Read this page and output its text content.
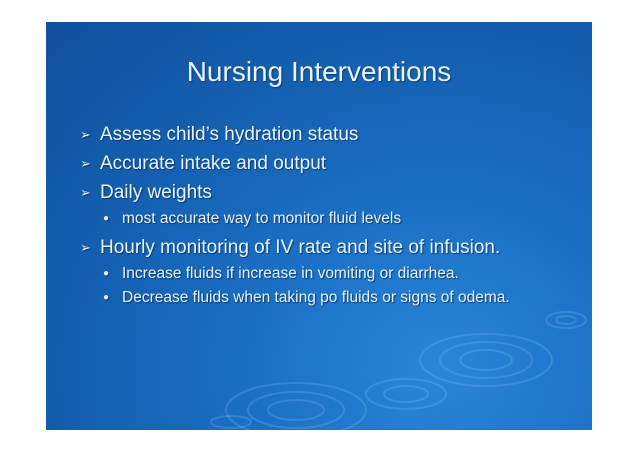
Nursing Interventions
➢ Assess child’s hydration status
➢ Accurate intake and output
➢ Daily weights
● most accurate way to monitor fluid levels
➢ Hourly monitoring of IV rate and site of infusion.
● Increase fluids if increase in vomiting or diarrhea.
● Decrease fluids when taking po fluids or signs of odema.
